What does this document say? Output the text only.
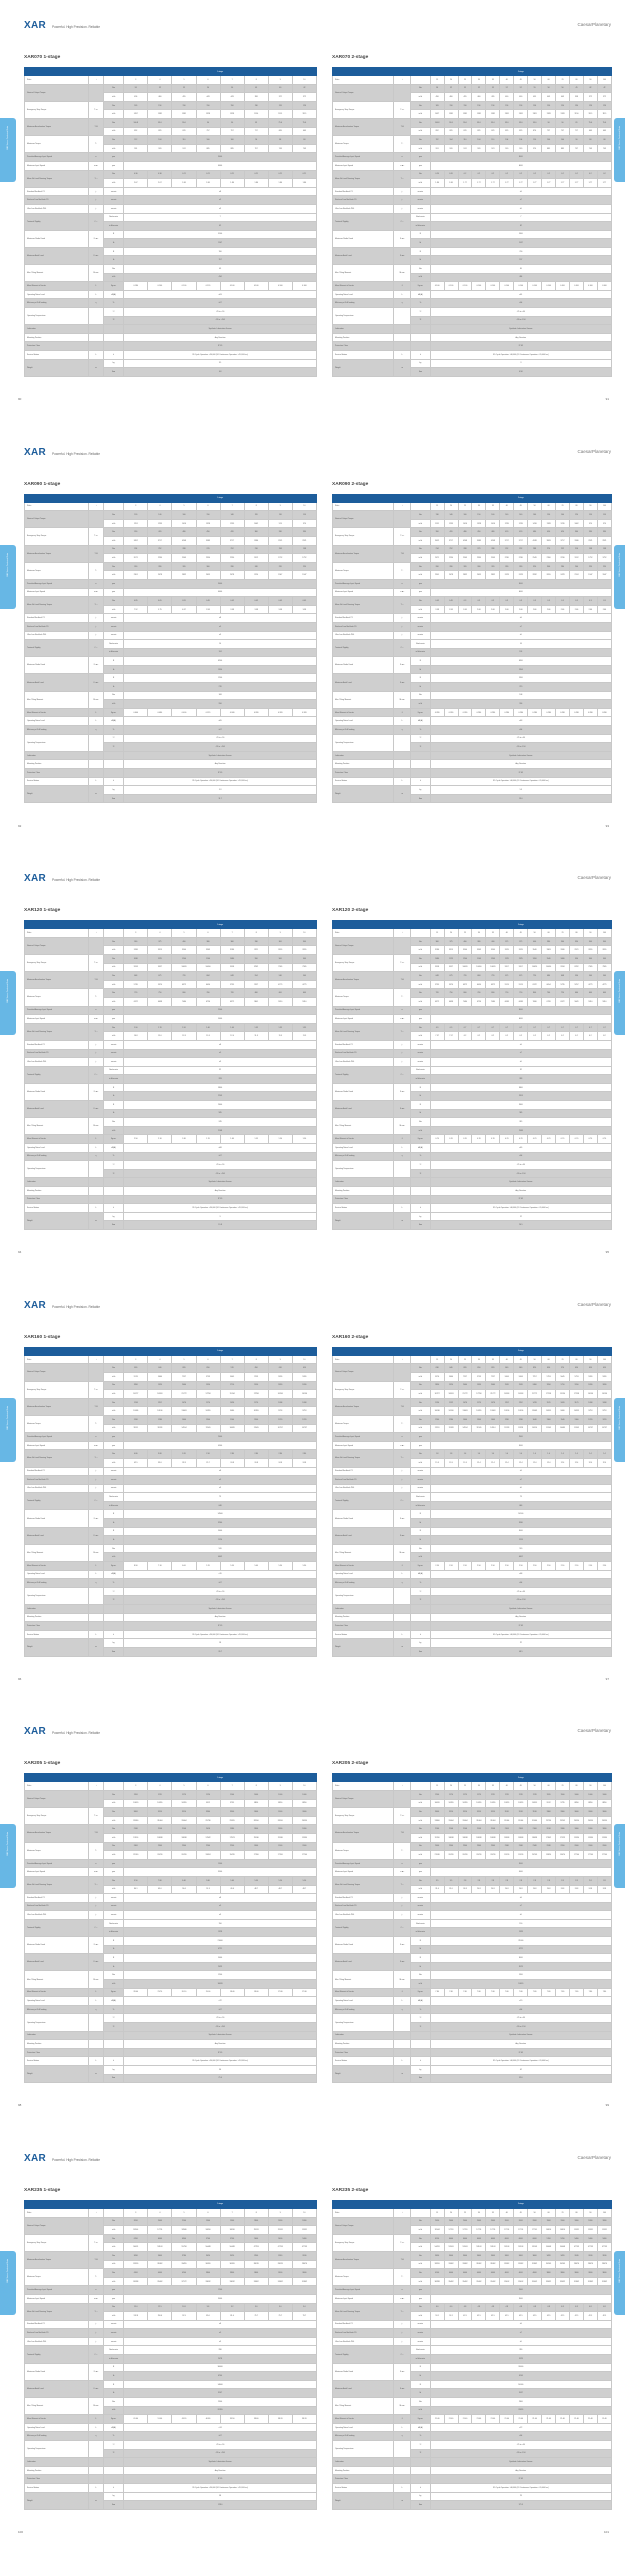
XAR Powerful. High Precision. Reliable	CaesarPlanetary
XAR Series Technical Data
XAR070 1-stage
			1-stage							
Ratio	i		3	4	5	6	7	8	9	10
Nominal Output Torque		Nm	56	52	55	50	50	45	40	42
		in.lb	496	460	495	443	443	398	372	372
Emergency Stop Torque	T₂ₙₒₜ	Nm	169	156	156	150	150	130	126	126
		in.lb	1497	1381	1381	1328	1328	1150	1115	1115
Maximum Acceleration Torque	T₂B	Nm	100.8	93.6	99.0	90	90	81	75.6	75.6
		in.lb	892	829	876	797	797	717	669	669
Maximum Torque	T₂	Nm	112	104	110	100	100	90	84	84
		in.lb	991	920	974	885	885	797	743	743
Permitted Average Input Speed	n₁	rpm	3000							
Maximum Input Speed	n₁ₘₐₓ	rpm	6000							
Mean No Load Running Torque	T₀₁₂	Nm	0.30	0.30	0.21	0.21	0.21	0.21	0.21	0.21
		in.lb	2.67	2.67	1.86	1.86	1.86	1.86	1.86	1.86
Standard Backlash P1	j₁	arcmin	≤8							
Reduced Low Backlash P0	j₁	arcmin	≤5							
Ultra Low Backlash P00	j₁	arcmin	≤3							
Torsional Rigidity	C₁₂₁	Nm/arcmin	7							
		in.lb/arcmin	62							
Maximum Radial Load	F₂ᵣₘₐₓ	N	5100							
		lb	1147							
Maximum Axial Load	F₂ₐₘₐₓ	N	700							
		lb	157							
Max. Tilting Moment	M₂ₖₘₐₓ	Nm	49							
		in.lb	434							
Mass Moment of Inertia	J₁	Kgcm²	0.180	0.140	0.100	0.120	0.100	0.100	0.100	0.100
Operating Noise Level	L₁	dB(A)	≤63							
Efficiency at Full loading	η	%	≥97							
Operating Temperature		°C	-25 to +90							
		°F	-13 to +194							
Lubrication			Synthetic Lubrication Grease							
Mounting Position			Any Direction							
Protection Class			IP 65							
Service lifetime	L₁	h	S5 Cycle Operation: >30,000 (S1 Continuous Operation: >15,000 hrs)							
Weight	m	kg	3.1							
		lbₘ	6.8							
XAR070 2-stage
			2-stage												
Ratio	i		15	20	25	30	35	40	45	50	60	70	80	90	100
Nominal Output Torque		Nm	56	52	55	52	55	52	52	55	50	50	45	42	42
		in.lb	496	460	495	460	495	460	460	495	443	443	398	372	372
Emergency Stop Torque	T₂ₙₒₜ	Nm	169	156	156	156	156	156	156	156	150	150	130	126	126
		in.lb	1497	1381	1381	1381	1381	1381	1381	1381	1328	1328	1150	1115	1115
Maximum Acceleration Torque	T₂B	Nm	100.8	93.6	99.0	93.6	99.0	93.6	93.6	99.0	90	90	81	75.6	75.6
		in.lb	892	829	876	829	876	829	829	876	797	797	717	669	669
Maximum Torque	T₂	Nm	112	104	110	104	110	104	104	110	100	100	90	84	84
		in.lb	991	920	974	920	974	920	920	974	885	885	797	743	743
Permitted Average Input Speed	n₁	rpm	3000												
Maximum Input Speed	n₁ₘₐₓ	rpm	6000												
Mean No Load Running Torque	T₀₁₂	Nm	0.20	0.20	0.2	0.2	0.2	0.2	0.2	0.2	0.2	0.2	0.2	0.2	0.2
		in.lb	1.86	1.86	1.77	1.77	1.77	1.77	1.77	1.77	1.77	1.77	1.77	1.77	1.77
Standard Backlash P1	j₁	arcmin	≤9												
Reduced Low Backlash P0	j₁	arcmin	≤7												
Ultra Low Backlash P00	j₁	arcmin	≤5												
Torsional Rigidity	C₁₂₁	Nm/arcmin	7												
		in.lb/arcmin	62												
Maximum Radial Load	F₂ᵣₘₐₓ	N	5100												
		lb	1147												
Maximum Axial Load	F₂ₐₘₐₓ	N	700												
		lb	157												
Max. Tilting Moment	M₂ₖₘₐₓ	Nm	49												
		in.lb	434												
Mass Moment of Inertia	J₁	Kgcm²	0.100	0.100	0.100	0.100	0.100	0.100	0.100	0.100	0.100	0.100	0.100	0.100	0.100
Operating Noise Level	L₁	dB(A)	≤61												
Efficiency at Full loading	η	%	≥94												
Operating Temperature		°C	-25 to +90												
		°F	-13 to +194												
Lubrication			Synthetic Lubrication Grease												
Mounting Position			Any Direction												
Protection Class			IP 65												
Service lifetime	L₁	h	S5 Cycle Operation: >30,000 (S1 Continuous Operation: >15,000 hrs)												
Weight	m	kg	3												
		lbₘ	6.58												
XAR Series Technical Data
90	91
XAR Powerful. High Precision. Reliable	CaesarPlanetary
XAR Series Technical Data
XAR090 1-stage
			1-stage							
Ratio	i		3	4	5	6	7	8	9	10
Nominal Output Torque		Nm	130	140	160	150	140	120	110	110
		in.lb	1151	1239	1416	1328	1239	1062	974	974
Emergency Stop Torque	T₂ₙₒₜ	Nm	390	420	480	450	420	360	330	330
		in.lb	3452	3717	4248	3983	3717	3186	2921	2921
Maximum Acceleration Torque	T₂B	Nm	234	252	288	270	252	216	198	198
		in.lb	2071	2230	2549	2390	2230	1912	1752	1752
Maximum Torque	T₂	Nm	260	280	320	300	280	240	220	220
		in.lb	2301	2478	2832	2655	2478	2124	1947	1947
Permitted Average Input Speed	n₁	rpm	3000							
Maximum Input Speed	n₁ₘₐₓ	rpm	6000							
Mean No Load Running Torque	T₀₁₂	Nm	0.85	0.65	0.55	0.45	0.45	0.45	0.45	0.45
		in.lb	7.52	5.75	4.87	3.98	3.98	3.98	3.98	3.98
Standard Backlash P1	j₁	arcmin	≤8							
Reduced Low Backlash P0	j₁	arcmin	≤5							
Ultra Low Backlash P00	j₁	arcmin	≤3							
Torsional Rigidity	C₁₂₁	Nm/arcmin	14							
		in.lb/arcmin	124							
Maximum Radial Load	F₂ᵣₘₐₓ	N	6200							
		lb	1394							
Maximum Axial Load	F₂ₐₘₐₓ	N	1200							
		lb	270							
Max. Tilting Moment	M₂ₖₘₐₓ	Nm	108							
		in.lb	956							
Mass Moment of Inertia	J₁	Kgcm²	0.600	0.480	0.400	0.370	0.340	0.330	0.320	0.320
Operating Noise Level	L₁	dB(A)	≤65							
Efficiency at Full loading	η	%	≥97							
Operating Temperature		°C	-25 to +90							
		°F	-13 to +194							
Lubrication			Synthetic Lubrication Grease							
Mounting Position			Any Direction							
Protection Class			IP 65							
Service lifetime	L₁	h	S5 Cycle Operation: >30,000 (S1 Continuous Operation: >15,000 hrs)							
Weight	m	kg	5.3							
		lbₘ	11.7							
XAR090 2-stage
			2-stage												
Ratio	i		15	20	25	30	35	40	45	50	60	70	80	90	100
Nominal Output Torque		Nm	130	140	160	150	160	140	140	160	150	140	120	110	110
		in.lb	1151	1239	1416	1328	1416	1239	1239	1416	1328	1239	1062	974	974
Emergency Stop Torque	T₂ₙₒₜ	Nm	390	420	480	450	480	420	420	480	450	420	360	330	330
		in.lb	3452	3717	4248	3983	4248	3717	3717	4248	3983	3717	3186	2921	2921
Maximum Acceleration Torque	T₂B	Nm	234	252	288	270	288	252	252	288	270	252	216	198	198
		in.lb	2071	2230	2549	2390	2549	2230	2230	2549	2390	2230	1912	1752	1752
Maximum Torque	T₂	Nm	260	280	320	300	320	280	280	320	300	280	240	220	220
		in.lb	2301	2478	2832	2655	2832	2478	2478	2832	2655	2478	2124	1947	1947
Permitted Average Input Speed	n₁	rpm	3000												
Maximum Input Speed	n₁ₘₐₓ	rpm	6000												
Mean No Load Running Torque	T₀₁₂	Nm	0.45	0.45	0.3	0.3	0.3	0.3	0.3	0.3	0.3	0.3	0.3	0.3	0.3
		in.lb	3.98	3.98	2.66	2.66	2.66	2.66	2.66	2.66	2.66	2.66	2.66	2.66	2.66
Standard Backlash P1	j₁	arcmin	≤9												
Reduced Low Backlash P0	j₁	arcmin	≤7												
Ultra Low Backlash P00	j₁	arcmin	≤5												
Torsional Rigidity	C₁₂₁	Nm/arcmin	14												
		in.lb/arcmin	124												
Maximum Radial Load	F₂ᵣₘₐₓ	N	6200												
		lb	1394												
Maximum Axial Load	F₂ₐₘₐₓ	N	1200												
		lb	270												
Max. Tilting Moment	M₂ₖₘₐₓ	Nm	108												
		in.lb	956												
Mass Moment of Inertia	J₁	Kgcm²	0.280	0.280	0.280	0.280	0.280	0.280	0.280	0.280	0.280	0.280	0.280	0.280	0.280
Operating Noise Level	L₁	dB(A)	≤63												
Efficiency at Full loading	η	%	≥94												
Operating Temperature		°C	-25 to +90												
		°F	-13 to +194												
Lubrication			Synthetic Lubrication Grease												
Mounting Position			Any Direction												
Protection Class			IP 65												
Service lifetime	L₁	h	S5 Cycle Operation: >30,000 (S1 Continuous Operation: >15,000 hrs)												
Weight	m	kg	5.9												
		lbₘ	13.0												
XAR Series Technical Data
92	93
XAR Powerful. High Precision. Reliable	CaesarPlanetary
XAR Series Technical Data
XAR120 1-stage
			1-stage							
Ratio	i		3	4	5	6	7	8	9	10
Nominal Output Torque		Nm	360	375	400	380	360	330	300	300
		in.lb	3186	3319	3540	3363	3186	2921	2655	2655
Emergency Stop Torque	T₂ₙₒₜ	Nm	1080	1125	1200	1140	1080	990	900	900
		in.lb	9558	9957	10620	10090	9558	8762	7965	7965
Maximum Acceleration Torque	T₂B	Nm	648	675	720	684	648	594	540	540
		in.lb	5735	5974	6372	6054	5735	5257	4779	4779
Maximum Torque	T₂	Nm	720	750	800	760	720	660	600	600
		in.lb	6372	6638	7080	6726	6372	5841	5310	5310
Permitted Average Input Speed	n₁	rpm	2500							
Maximum Input Speed	n₁ₘₐₓ	rpm	5000							
Mean No Load Running Torque	T₀₁₂	Nm	1.90	1.70	1.50	1.40	1.40	1.35	1.35	1.35
		in.lb	16.8	15.0	13.3	12.4	12.4	11.9	11.9	11.9
Standard Backlash P1	j₁	arcmin	≤8							
Reduced Low Backlash P0	j₁	arcmin	≤5							
Ultra Low Backlash P00	j₁	arcmin	≤3							
Torsional Rigidity	C₁₂₁	Nm/arcmin	32							
		in.lb/arcmin	283							
Maximum Radial Load	F₂ᵣₘₐₓ	N	9800							
		lb	2203							
Maximum Axial Load	F₂ₐₘₐₓ	N	2600							
		lb	585							
Max. Tilting Moment	M₂ₖₘₐₓ	Nm	245							
		in.lb	2168							
Mass Moment of Inertia	J₁	Kgcm²	2.50	2.10	1.80	1.70	1.60	1.55	1.50	1.50
Operating Noise Level	L₁	dB(A)	≤68							
Efficiency at Full loading	η	%	≥97							
Operating Temperature		°C	-25 to +90							
		°F	-13 to +194							
Lubrication			Synthetic Lubrication Grease							
Mounting Position			Any Direction							
Protection Class			IP 65							
Service lifetime	L₁	h	S5 Cycle Operation: >30,000 (S1 Continuous Operation: >15,000 hrs)							
Weight	m	kg	9							
		lbₘ	19.8							
XAR120 2-stage
			2-stage												
Ratio	i		15	20	25	30	35	40	45	50	60	70	80	90	100
Nominal Output Torque		Nm	360	375	400	380	400	375	375	400	380	360	330	300	300
		in.lb	3186	3319	3540	3363	3540	3319	3319	3540	3363	3186	2921	2655	2655
Emergency Stop Torque	T₂ₙₒₜ	Nm	1080	1125	1200	1140	1200	1125	1125	1200	1140	1080	990	900	900
		in.lb	9558	9957	10620	10090	10620	9957	9957	10620	10090	9558	8762	7965	7965
Maximum Acceleration Torque	T₂B	Nm	648	675	720	684	720	675	675	720	684	648	594	540	540
		in.lb	5735	5974	6372	6054	6372	5974	5974	6372	6054	5735	5257	4779	4779
Maximum Torque	T₂	Nm	720	750	800	760	800	750	750	800	760	720	660	600	600
		in.lb	6372	6638	7080	6726	7080	6638	6638	7080	6726	6372	5841	5310	5310
Permitted Average Input Speed	n₁	rpm	3000												
Maximum Input Speed	n₁ₘₐₓ	rpm	6000												
Mean No Load Running Torque	T₀₁₂	Nm	0.9	0.9	0.7	0.7	0.7	0.7	0.7	0.7	0.7	0.7	0.7	0.7	0.7
		in.lb	7.97	7.97	6.2	6.2	6.2	6.2	6.2	6.2	6.2	6.2	6.2	6.2	6.2
Standard Backlash P1	j₁	arcmin	≤9												
Reduced Low Backlash P0	j₁	arcmin	≤7												
Ultra Low Backlash P00	j₁	arcmin	≤5												
Torsional Rigidity	C₁₂₁	Nm/arcmin	32												
		in.lb/arcmin	283												
Maximum Radial Load	F₂ᵣₘₐₓ	N	9800												
		lb	2203												
Maximum Axial Load	F₂ₐₘₐₓ	N	2600												
		lb	585												
Max. Tilting Moment	M₂ₖₘₐₓ	Nm	245												
		in.lb	2168												
Mass Moment of Inertia	J₁	Kgcm²	0.70	0.70	0.70	0.70	0.70	0.70	0.70	0.70	0.70	0.70	0.70	0.70	0.70
Operating Noise Level	L₁	dB(A)	≤65												
Efficiency at Full loading	η	%	≥94												
Operating Temperature		°C	-25 to +90												
		°F	-13 to +194												
Lubrication			Synthetic Lubrication Grease												
Mounting Position			Any Direction												
Protection Class			IP 65												
Service lifetime	L₁	h	S5 Cycle Operation: >30,000 (S1 Continuous Operation: >15,000 hrs)												
Weight	m	kg	12												
		lbₘ	26.5												
XAR Series Technical Data
94	95
XAR Powerful. High Precision. Reliable	CaesarPlanetary
XAR Series Technical Data
XAR160 1-stage
			1-stage							
Ratio	i		3	4	5	6	7	8	9	10
Nominal Output Torque		Nm	630	640	820	650	570	650	610	610
		in.lb	5576	5664	7257	5753	5045	5753	5399	5399
Emergency Stop Torque	T₂ₙₒₜ	Nm	1890	1920	2460	1950	1710	1950	1830	1830
		in.lb	16727	16993	21772	17258	15134	17258	16196	16196
Maximum Acceleration Torque	T₂B	Nm	1134	1152	1476	1170	1026	1170	1098	1098
		in.lb	10036	10196	13063	10355	9080	10355	9718	9718
Maximum Torque	T₂	Nm	1260	1280	1640	1300	1140	1300	1220	1220
		in.lb	11151	11328	14514	11505	10089	11505	10797	10797
Permitted Average Input Speed	n₁	rpm	2000							
Maximum Input Speed	n₁ₘₐₓ	rpm	4500							
Mean No Load Running Torque	T₀₁₂	Nm	4.80	3.80	3.20	2.90	2.80	2.80	2.80	2.80
		in.lb	42.5	33.6	28.3	25.7	24.8	24.8	24.8	24.8
Standard Backlash P1	j₁	arcmin	≤8							
Reduced Low Backlash P0	j₁	arcmin	≤5							
Ultra Low Backlash P00	j₁	arcmin	≤3							
Torsional Rigidity	C₁₂₁	Nm/arcmin	73							
		in.lb/arcmin	646							
Maximum Radial Load	F₂ᵣₘₐₓ	N	14500							
		lb	3260							
Maximum Axial Load	F₂ₐₘₐₓ	N	5000							
		lb	1124							
Max. Tilting Moment	M₂ₖₘₐₓ	Nm	520							
		in.lb	4602							
Mass Moment of Inertia	J₁	Kgcm²	8.90	7.10	6.00	5.70	5.50	5.40	5.30	5.30
Operating Noise Level	L₁	dB(A)	≤70							
Efficiency at Full loading	η	%	≥97							
Operating Temperature		°C	-25 to +90							
		°F	-13 to +194							
Lubrication			Synthetic Lubrication Grease							
Mounting Position			Any Direction							
Protection Class			IP 65							
Service lifetime	L₁	h	S5 Cycle Operation: >30,000 (S1 Continuous Operation: >15,000 hrs)							
Weight	m	kg	18							
		lbₘ	39.7							
XAR160 2-stage
			2-stage												
Ratio	i		15	20	25	30	35	40	45	50	60	70	80	90	100
Nominal Output Torque		Nm	630	640	820	650	820	640	640	820	650	570	650	610	610
		in.lb	5576	5664	7257	5753	7257	5664	5664	7257	5753	5045	5753	5399	5399
Emergency Stop Torque	T₂ₙₒₜ	Nm	1890	1920	2460	1950	2460	1920	1920	2460	1950	1710	1950	1830	1830
		in.lb	16727	16993	21772	17258	21772	16993	16993	21772	17258	15134	17258	16196	16196
Maximum Acceleration Torque	T₂B	Nm	1134	1152	1476	1170	1476	1152	1152	1476	1170	1026	1170	1098	1098
		in.lb	10036	10196	13063	10355	13063	10196	10196	13063	10355	9080	10355	9718	9718
Maximum Torque	T₂	Nm	1260	1280	1640	1300	1640	1280	1280	1640	1300	1140	1300	1220	1220
		in.lb	11151	11328	14514	11505	14514	11328	11328	14514	11505	10089	11505	10797	10797
Permitted Average Input Speed	n₁	rpm	2500												
Maximum Input Speed	n₁ₘₐₓ	rpm	5000												
Mean No Load Running Torque	T₀₁₂	Nm	1.8	1.8	1.4	1.4	1.4	1.4	1.4	1.4	1.4	1.4	1.4	1.4	1.4
		in.lb	15.9	15.9	12.4	12.4	12.4	12.4	12.4	12.4	12.4	12.4	12.4	12.4	12.4
Standard Backlash P1	j₁	arcmin	≤9												
Reduced Low Backlash P0	j₁	arcmin	≤7												
Ultra Low Backlash P00	j₁	arcmin	≤5												
Torsional Rigidity	C₁₂₁	Nm/arcmin	73												
		in.lb/arcmin	646												
Maximum Radial Load	F₂ᵣₘₐₓ	N	14500												
		lb	3260												
Maximum Axial Load	F₂ₐₘₐₓ	N	5000												
		lb	1124												
Max. Tilting Moment	M₂ₖₘₐₓ	Nm	520												
		in.lb	4602												
Mass Moment of Inertia	J₁	Kgcm²	2.50	2.50	2.50	2.50	2.50	2.50	2.50	2.50	2.50	2.50	2.50	2.50	2.50
Operating Noise Level	L₁	dB(A)	≤68												
Efficiency at Full loading	η	%	≥94												
Operating Temperature		°C	-25 to +90												
		°F	-13 to +194												
Lubrication			Synthetic Lubrication Grease												
Mounting Position			Any Direction												
Protection Class			IP 65												
Service lifetime	L₁	h	S5 Cycle Operation: >30,000 (S1 Continuous Operation: >15,000 hrs)												
Weight	m	kg	22												
		lbₘ	48.5												
XAR Series Technical Data
96	97
XAR Powerful. High Precision. Reliable	CaesarPlanetary
XAR Series Technical Data
XAR205 1-stage
			1-stage							
Ratio	i		3	4	5	6	7	8	9	10
Nominal Output Torque		Nm	1200	1170	1170	1120	1100	1000	1000	1000
		in.lb	10620	10355	10355	9912	9735	8850	8850	8850
Emergency Stop Torque	T₂ₙₒₜ	Nm	3600	3510	3510	3360	3300	3000	3000	3000
		in.lb	31860	31064	31064	29736	29205	26550	26550	26550
Maximum Acceleration Torque	T₂B	Nm	2160	2106	2106	2016	1980	1800	1800	1800
		in.lb	19116	18638	18638	17842	17523	15930	15930	15930
Maximum Torque	T₂	Nm	2400	2340	2340	2240	2200	2000	2000	2000
		in.lb	21240	20709	20709	19824	19470	17700	17700	17700
Permitted Average Input Speed	n₁	rpm	1500							
Maximum Input Speed	n₁ₘₐₓ	rpm	3500							
Mean No Load Running Torque	T₀₁₂	Nm	9.50	7.80	6.40	5.80	5.60	5.50	5.50	5.50
		in.lb	84.1	69.0	56.6	51.3	49.6	48.7	48.7	48.7
Standard Backlash P1	j₁	arcmin	≤8							
Reduced Low Backlash P0	j₁	arcmin	≤5							
Ultra Low Backlash P00	j₁	arcmin	≤3							
Torsional Rigidity	C₁₂₁	Nm/arcmin	150							
		in.lb/arcmin	1328							
Maximum Radial Load	F₂ᵣₘₐₓ	N	21000							
		lb	4721							
Maximum Axial Load	F₂ₐₘₐₓ	N	9000							
		lb	2023							
Max. Tilting Moment	M₂ₖₘₐₓ	Nm	1200							
		in.lb	10620							
Mass Moment of Inertia	J₁	Kgcm²	28.40	23.70	20.10	19.00	18.40	18.00	17.80	17.80
Operating Noise Level	L₁	dB(A)	≤72							
Efficiency at Full loading	η	%	≥97							
Operating Temperature		°C	-25 to +90							
		°F	-13 to +194							
Lubrication			Synthetic Lubrication Grease							
Mounting Position			Any Direction							
Protection Class			IP 65							
Service lifetime	L₁	h	S5 Cycle Operation: >30,000 (S1 Continuous Operation: >15,000 hrs)							
Weight	m	kg	36							
		lbₘ	79.4							
XAR205 2-stage
			2-stage												
Ratio	i		15	20	25	30	35	40	45	50	60	70	80	90	100
Nominal Output Torque		Nm	1200	1170	1170	1170	1170	1170	1170	1170	1120	1100	1000	1000	1000
		in.lb	10620	10355	10355	10355	10355	10355	10355	10355	9912	9735	8850	8850	8850
Emergency Stop Torque	T₂ₙₒₜ	Nm	3600	3510	3510	3510	3510	3510	3510	3510	3360	3300	3000	3000	3000
		in.lb	31860	31064	31064	31064	31064	31064	31064	31064	29736	29205	26550	26550	26550
Maximum Acceleration Torque	T₂B	Nm	2160	2106	2106	2106	2106	2106	2106	2106	2016	1980	1800	1800	1800
		in.lb	19116	18638	18638	18638	18638	18638	18638	18638	17842	17523	15930	15930	15930
Maximum Torque	T₂	Nm	2400	2340	2340	2340	2340	2340	2340	2340	2240	2200	2000	2000	2000
		in.lb	21240	20709	20709	20709	20709	20709	20709	20709	19824	19470	17700	17700	17700
Permitted Average Input Speed	n₁	rpm	2000												
Maximum Input Speed	n₁ₘₐₓ	rpm	4500												
Mean No Load Running Torque	T₀₁₂	Nm	3.5	3.5	2.8	2.8	2.8	2.8	2.8	2.8	2.8	2.8	2.8	2.8	2.8
		in.lb	31.0	31.0	24.8	24.8	24.8	24.8	24.8	24.8	24.8	24.8	24.8	24.8	24.8
Standard Backlash P1	j₁	arcmin	≤9												
Reduced Low Backlash P0	j₁	arcmin	≤7												
Ultra Low Backlash P00	j₁	arcmin	≤5												
Torsional Rigidity	C₁₂₁	Nm/arcmin	150												
		in.lb/arcmin	1328												
Maximum Radial Load	F₂ᵣₘₐₓ	N	21000												
		lb	4721												
Maximum Axial Load	F₂ₐₘₐₓ	N	9000												
		lb	2023												
Max. Tilting Moment	M₂ₖₘₐₓ	Nm	1200												
		in.lb	10620												
Mass Moment of Inertia	J₁	Kgcm²	7.80	7.80	7.80	7.80	7.80	7.80	7.80	7.80	7.80	7.80	7.80	7.80	7.80
Operating Noise Level	L₁	dB(A)	≤70												
Efficiency at Full loading	η	%	≥94												
Operating Temperature		°C	-25 to +90												
		°F	-13 to +194												
Lubrication			Synthetic Lubrication Grease												
Mounting Position			Any Direction												
Protection Class			IP 65												
Service lifetime	L₁	h	S5 Cycle Operation: >30,000 (S1 Continuous Operation: >15,000 hrs)												
Weight	m	kg	42												
		lbₘ	92.6												
XAR Series Technical Data
98	99
XAR Powerful. High Precision. Reliable	CaesarPlanetary
XAR Series Technical Data
XAR235 1-stage
			1-stage							
Ratio	i		3	4	5	6	7	8	9	10
Nominal Output Torque		Nm	2050	2000	2100	1900	1900	1800	1800	1800
		in.lb	18144	17701	18586	16816	16816	15931	15931	15931
Emergency Stop Torque	T₂ₙₒₜ	Nm	6150	6000	6300	5700	5700	5400	5400	5400
		in.lb	54431	53103	55758	50448	50448	47793	47793	47793
Maximum Acceleration Torque	T₂B	Nm	3690	3600	3780	3420	3420	3240	3240	3240
		in.lb	32659	31862	33455	30269	30269	28676	28676	28676
Maximum Torque	T₂	Nm	4100	4000	4200	3800	3800	3600	3600	3600
		in.lb	36288	35402	37172	33632	33632	31862	31862	31862
Permitted Average Input Speed	n₁	rpm	1200							
Maximum Input Speed	n₁ₘₐₓ	rpm	3000							
Mean No Load Running Torque	T₀₁₂	Nm	15.0	12.5	10.5	9.6	9.2	9.0	9.0	9.0
		in.lb	132.8	110.6	92.9	85.0	81.4	79.7	79.7	79.7
Standard Backlash P1	j₁	arcmin	≤8							
Reduced Low Backlash P0	j₁	arcmin	≤5							
Ultra Low Backlash P00	j₁	arcmin	≤3							
Torsional Rigidity	C₁₂₁	Nm/arcmin	280							
		in.lb/arcmin	2478							
Maximum Radial Load	F₂ᵣₘₐₓ	N	30000							
		lb	6744							
Maximum Axial Load	F₂ₐₘₐₓ	N	14000							
		lb	3147							
Max. Tilting Moment	M₂ₖₘₐₓ	Nm	2300							
		in.lb	20355							
Mass Moment of Inertia	J₁	Kgcm²	61.60	51.00	43.20	40.80	39.50	38.60	38.20	38.20
Operating Noise Level	L₁	dB(A)	≤74							
Efficiency at Full loading	η	%	≥97							
Operating Temperature		°C	-25 to +90							
		°F	-13 to +194							
Lubrication			Synthetic Lubrication Grease							
Mounting Position			Any Direction							
Protection Class			IP 65							
Service lifetime	L₁	h	S5 Cycle Operation: >30,000 (S1 Continuous Operation: >15,000 hrs)							
Weight	m	kg	58							
		lbₘ	128.0							
XAR235 2-stage
			2-stage												
Ratio	i		15	20	25	30	35	40	45	50	60	70	80	90	100
Nominal Output Torque		Nm	2050	2000	2000	2000	2000	2000	2000	2000	1900	1900	1800	1800	1800
		in.lb	18144	17701	17701	17701	17701	17701	17701	17701	16816	16816	15931	15931	15931
Emergency Stop Torque	T₂ₙₒₜ	Nm	6150	6000	6000	6000	6000	6000	6000	6000	5700	5700	5400	5400	5400
		in.lb	54431	53103	53103	53103	53103	53103	53103	53103	50448	50448	47793	47793	47793
Maximum Acceleration Torque	T₂B	Nm	3690	3600	3600	3600	3600	3600	3600	3600	3420	3420	3240	3240	3240
		in.lb	32659	31862	31862	31862	31862	31862	31862	31862	30269	30269	28676	28676	28676
Maximum Torque	T₂	Nm	4100	4000	4000	4000	4000	4000	4000	4000	3800	3800	3600	3600	3600
		in.lb	36288	35402	35402	35402	35402	35402	35402	35402	33632	33632	31862	31862	31862
Permitted Average Input Speed	n₁	rpm	1500												
Maximum Input Speed	n₁ₘₐₓ	rpm	3500												
Mean No Load Running Torque	T₀₁₂	Nm	6.0	6.0	4.8	4.8	4.8	4.8	4.8	4.8	4.8	4.8	4.8	4.8	4.8
		in.lb	53.1	53.1	42.5	42.5	42.5	42.5	42.5	42.5	42.5	42.5	42.5	42.5	42.5
Standard Backlash P1	j₁	arcmin	≤9												
Reduced Low Backlash P0	j₁	arcmin	≤7												
Ultra Low Backlash P00	j₁	arcmin	≤5												
Torsional Rigidity	C₁₂₁	Nm/arcmin	280												
		in.lb/arcmin	2478												
Maximum Radial Load	F₂ᵣₘₐₓ	N	30000												
		lb	6744												
Maximum Axial Load	F₂ₐₘₐₓ	N	14000												
		lb	3147												
Max. Tilting Moment	M₂ₖₘₐₓ	Nm	2300												
		in.lb	20355												
Mass Moment of Inertia	J₁	Kgcm²	21.40	21.40	21.40	21.40	21.40	21.40	21.40	21.40	21.40	21.40	21.40	21.40	21.40
Operating Noise Level	L₁	dB(A)	≤72												
Efficiency at Full loading	η	%	≥94												
Operating Temperature		°C	-25 to +90												
		°F	-13 to +194												
Lubrication			Synthetic Lubrication Grease												
Mounting Position			Any Direction												
Protection Class			IP 65												
Service lifetime	L₁	h	S5 Cycle Operation: >30,000 (S1 Continuous Operation: >15,000 hrs)												
Weight	m	kg	78												
		lbₘ	171.9												
XAR Series Technical Data
100	101
